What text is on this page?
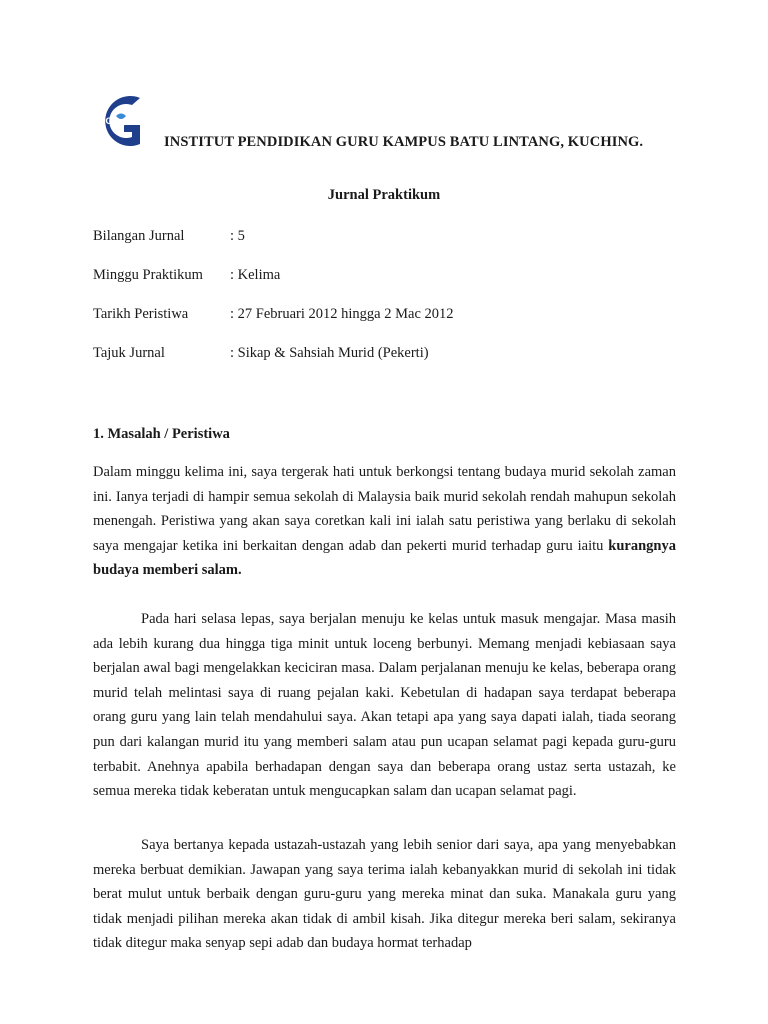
IPG
INSTITUT PENDIDIKAN GURU KAMPUS BATU LINTANG, KUCHING.
Jurnal Praktikum
Bilangan Jurnal	: 5
Minggu Praktikum : Kelima
Tarikh Peristiwa	: 27 Februari 2012 hingga 2 Mac 2012
Tajuk Jurnal	: Sikap & Sahsiah Murid (Pekerti)
1. Masalah / Peristiwa

Dalam minggu kelima ini, saya tergerak hati untuk berkongsi tentang budaya murid sekolah zaman ini. Ianya terjadi di hampir semua sekolah di Malaysia baik murid sekolah rendah mahupun sekolah menengah. Peristiwa yang akan saya coretkan kali ini ialah satu peristiwa yang berlaku di sekolah saya mengajar ketika ini berkaitan dengan adab dan pekerti murid terhadap guru iaitu kurangnya budaya memberi salam.

Pada hari selasa lepas, saya berjalan menuju ke kelas untuk masuk mengajar. Masa masih ada lebih kurang dua hingga tiga minit untuk loceng berbunyi. Memang menjadi kebiasaan saya berjalan awal bagi mengelakkan keciciran masa. Dalam perjalanan menuju ke kelas, beberapa orang murid telah melintasi saya di ruang pejalan kaki. Kebetulan di hadapan saya terdapat beberapa orang guru yang lain telah mendahului saya. Akan tetapi apa yang saya dapati ialah, tiada seorang pun dari kalangan murid itu yang memberi salam atau pun ucapan selamat pagi kepada guru-guru terbabit. Anehnya apabila berhadapan dengan saya dan beberapa orang ustaz serta ustazah, ke semua mereka tidak keberatan untuk mengucapkan salam dan ucapan selamat pagi.

Saya bertanya kepada ustazah-ustazah yang lebih senior dari saya, apa yang menyebabkan mereka berbuat demikian. Jawapan yang saya terima ialah kebanyakkan murid di sekolah ini tidak berat mulut untuk berbaik dengan guru-guru yang mereka minat dan suka. Manakala guru yang tidak menjadi pilihan mereka akan tidak di ambil kisah. Jika ditegur mereka beri salam, sekiranya tidak ditegur maka senyap sepi adab dan budaya hormat terhadap
